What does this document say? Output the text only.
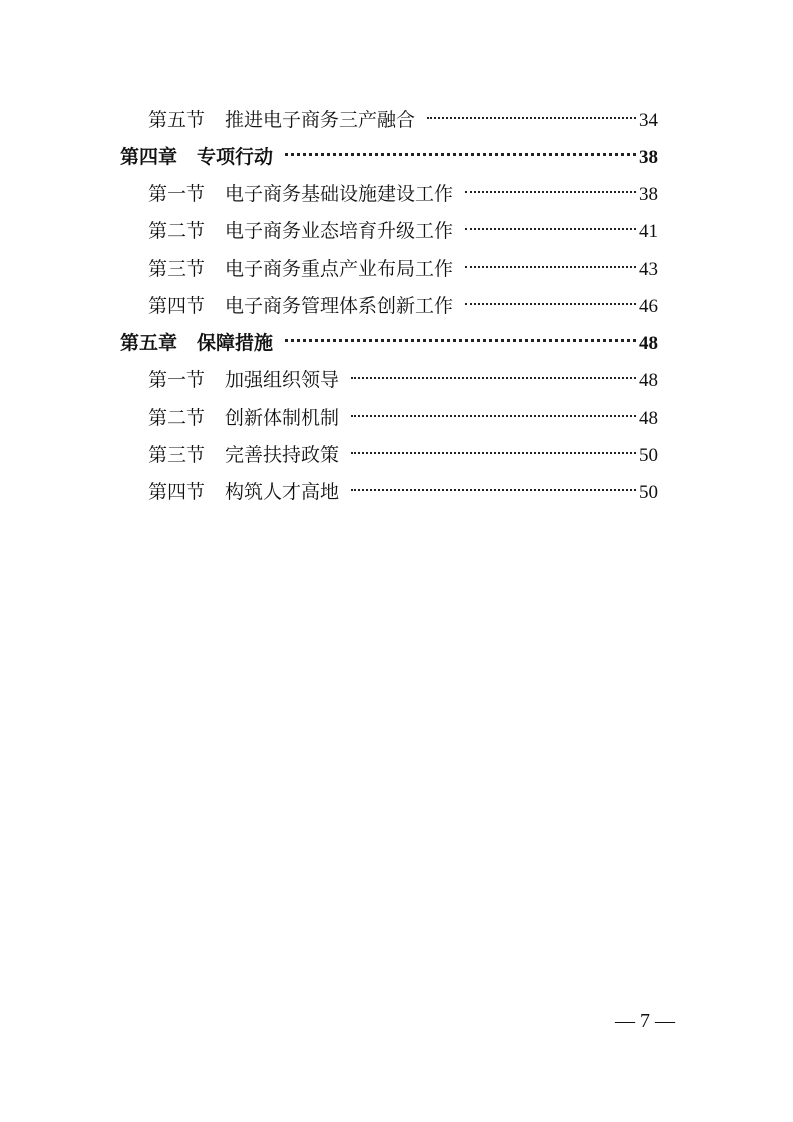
第五节 推进电子商务三产融合	34
第四章 专项行动	38
第一节 电子商务基础设施建设工作	38
第二节 电子商务业态培育升级工作	41
第三节 电子商务重点产业布局工作	43
第四节 电子商务管理体系创新工作	46
第五章 保障措施	48
第一节 加强组织领导	48
第二节 创新体制机制	48
第三节 完善扶持政策	50
第四节 构筑人才高地	50
— 7 —
